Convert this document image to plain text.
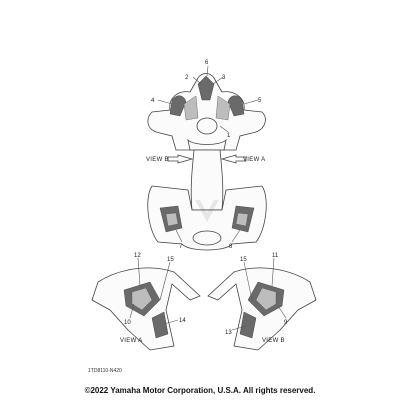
VIEW B	VIEW A
6
2	3
4	5
1
7	8
12
15
10	14
11
15
9
13
VIEW A	VIEW B
1TD8110-N420
©2022 Yamaha Motor Corporation, U.S.A. All rights reserved.
